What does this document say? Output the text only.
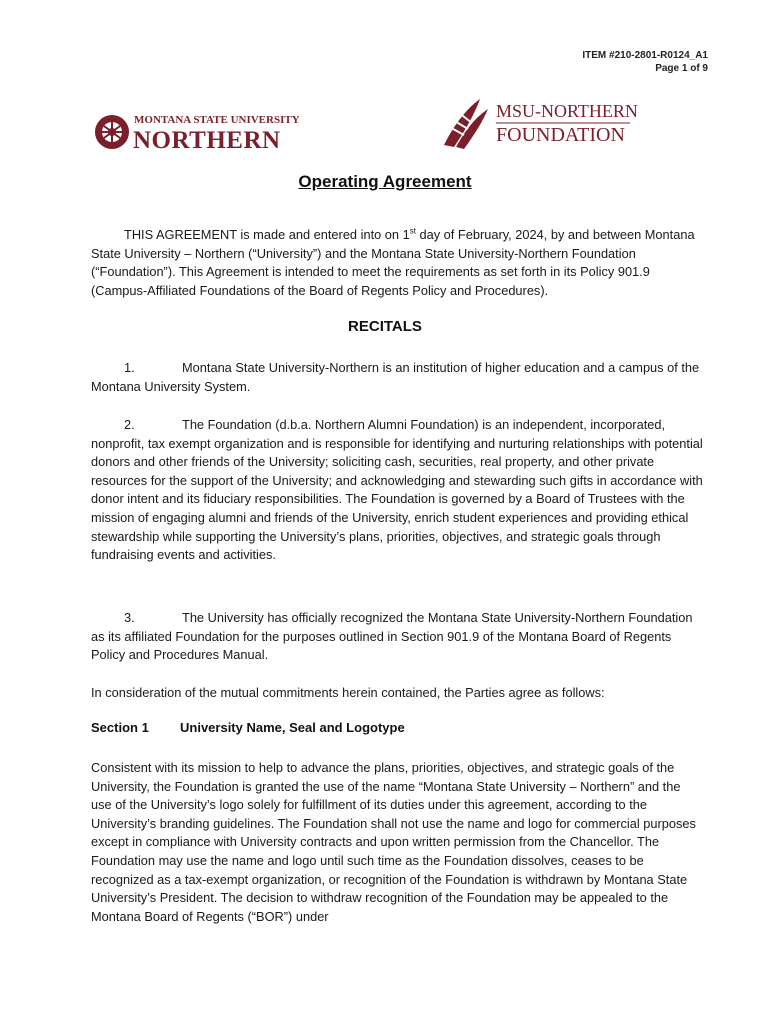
ITEM #210-2801-R0124_A1
Page 1 of 9
MONTANA STATE UNIVERSITY
NORTHERN
MSU-NORTHERN
FOUNDATION
Operating Agreement

THIS AGREEMENT is made and entered into on 1st day of February, 2024, by and between Montana State University – Northern (“University”) and the Montana State University-Northern Foundation (“Foundation”). This Agreement is intended to meet the requirements as set forth in its Policy 901.9 (Campus-Affiliated Foundations of the Board of Regents Policy and Procedures).

RECITALS

1.	Montana State University-Northern is an institution of higher education and a campus of the Montana University System.

2.	The Foundation (d.b.a. Northern Alumni Foundation) is an independent, incorporated, nonprofit, tax exempt organization and is responsible for identifying and nurturing relationships with potential donors and other friends of the University; soliciting cash, securities, real property, and other private resources for the support of the University; and acknowledging and stewarding such gifts in accordance with donor intent and its fiduciary responsibilities. The Foundation is governed by a Board of Trustees with the mission of engaging alumni and friends of the University, enrich student experiences and providing ethical stewardship while supporting the University’s plans, priorities, objectives, and strategic goals through fundraising events and activities.

3.	The University has officially recognized the Montana State University-Northern Foundation as its affiliated Foundation for the purposes outlined in Section 901.9 of the Montana Board of Regents Policy and Procedures Manual.

In consideration of the mutual commitments herein contained, the Parties agree as follows:
Section 1 University Name, Seal and Logotype
Consistent with its mission to help to advance the plans, priorities, objectives, and strategic goals of the University, the Foundation is granted the use of the name “Montana State University – Northern” and the use of the University’s logo solely for fulfillment of its duties under this agreement, according to the University’s branding guidelines. The Foundation shall not use the name and logo for commercial purposes except in compliance with University contracts and upon written permission from the Chancellor. The Foundation may use the name and logo until such time as the Foundation dissolves, ceases to be recognized as a tax-exempt organization, or recognition of the Foundation is withdrawn by Montana State University’s President. The decision to withdraw recognition of the Foundation may be appealed to the Montana Board of Regents (“BOR”) under
